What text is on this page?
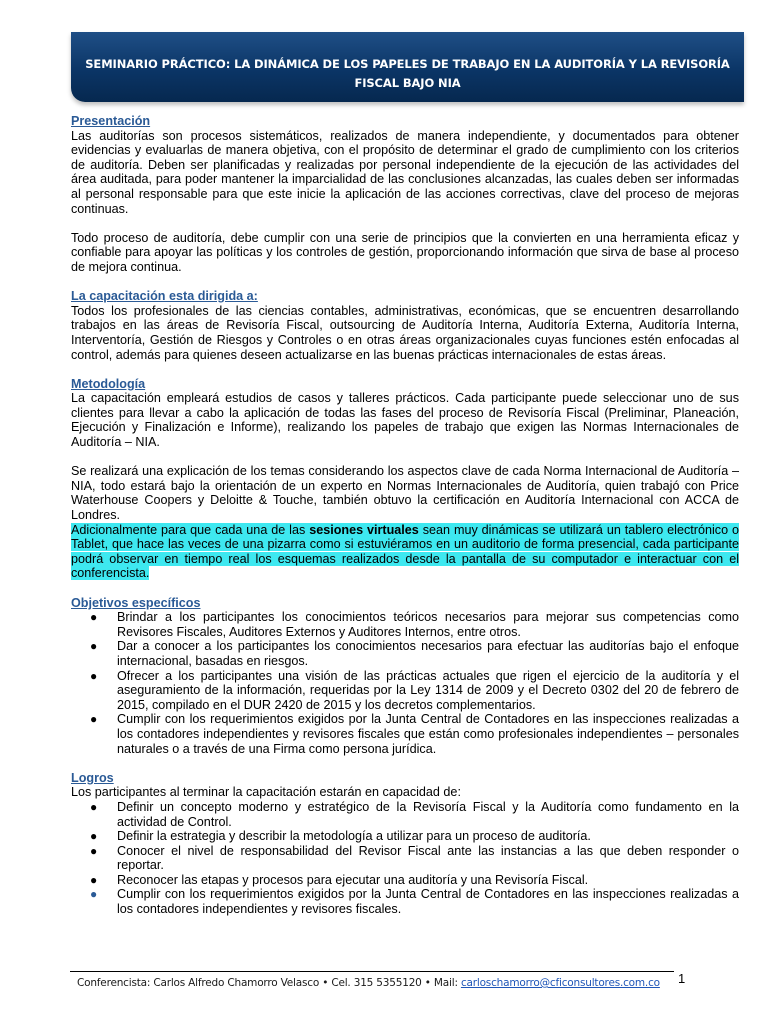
SEMINARIO PRÁCTICO: LA DINÁMICA DE LOS PAPELES DE TRABAJO EN LA AUDITORÍA Y LA REVISORÍA
FISCAL BAJO NIA
Presentación

Las auditorías son procesos sistemáticos, realizados de manera independiente, y documentados para obtener evidencias y evaluarlas de manera objetiva, con el propósito de determinar el grado de cumplimiento con los criterios de auditoría. Deben ser planificadas y realizadas por personal independiente de la ejecución de las actividades del área auditada, para poder mantener la imparcialidad de las conclusiones alcanzadas, las cuales deben ser informadas al personal responsable para que este inicie la aplicación de las acciones correctivas, clave del proceso de mejoras continuas.

Todo proceso de auditoría, debe cumplir con una serie de principios que la convierten en una herramienta eficaz y confiable para apoyar las políticas y los controles de gestión, proporcionando información que sirva de base al proceso de mejora continua.

La capacitación esta dirigida a:

Todos los profesionales de las ciencias contables, administrativas, económicas, que se encuentren desarrollando trabajos en las áreas de Revisoría Fiscal, outsourcing de Auditoría Interna, Auditoría Externa, Auditoría Interna, Interventoría, Gestión de Riesgos y Controles o en otras áreas organizacionales cuyas funciones estén enfocadas al control, además para quienes deseen actualizarse en las buenas prácticas internacionales de estas áreas.

Metodología

La capacitación empleará estudios de casos y talleres prácticos. Cada participante puede seleccionar uno de sus clientes para llevar a cabo la aplicación de todas las fases del proceso de Revisoría Fiscal (Preliminar, Planeación, Ejecución y Finalización e Informe), realizando los papeles de trabajo que exigen las Normas Internacionales de Auditoría – NIA.

Se realizará una explicación de los temas considerando los aspectos clave de cada Norma Internacional de Auditoría – NIA, todo estará bajo la orientación de un experto en Normas Internacionales de Auditoría, quien trabajó con Price Waterhouse Coopers y Deloitte & Touche, también obtuvo la certificación en Auditoría Internacional con ACCA de Londres.

Adicionalmente para que cada una de las sesiones virtuales sean muy dinámicas se utilizará un tablero electrónico o Tablet, que hace las veces de una pizarra como si estuviéramos en un auditorio de forma presencial, cada participante podrá observar en tiempo real los esquemas realizados desde la pantalla de su computador e interactuar con el conferencista.

Objetivos específicos
● Brindar a los participantes los conocimientos teóricos necesarios para mejorar sus competencias como Revisores Fiscales, Auditores Externos y Auditores Internos, entre otros.
● Dar a conocer a los participantes los conocimientos necesarios para efectuar las auditorías bajo el enfoque internacional, basadas en riesgos.
● Ofrecer a los participantes una visión de las prácticas actuales que rigen el ejercicio de la auditoría y el aseguramiento de la información, requeridas por la Ley 1314 de 2009 y el Decreto 0302 del 20 de febrero de 2015, compilado en el DUR 2420 de 2015 y los decretos complementarios.
● Cumplir con los requerimientos exigidos por la Junta Central de Contadores en las inspecciones realizadas a los contadores independientes y revisores fiscales que están como profesionales independientes – personales naturales o a través de una Firma como persona jurídica.
Logros

Los participantes al terminar la capacitación estarán en capacidad de:

● Definir un concepto moderno y estratégico de la Revisoría Fiscal y la Auditoría como fundamento en la actividad de Control.
● Definir la estrategia y describir la metodología a utilizar para un proceso de auditoría.
● Conocer el nivel de responsabilidad del Revisor Fiscal ante las instancias a las que deben responder o reportar.
● Reconocer las etapas y procesos para ejecutar una auditoría y una Revisoría Fiscal.
● Cumplir con los requerimientos exigidos por la Junta Central de Contadores en las inspecciones realizadas a los contadores independientes y revisores fiscales.
Conferencista: Carlos Alfredo Chamorro Velasco • Cel. 315 5355120 • Mail: carloschamorro@cficonsultores.com.co 1
